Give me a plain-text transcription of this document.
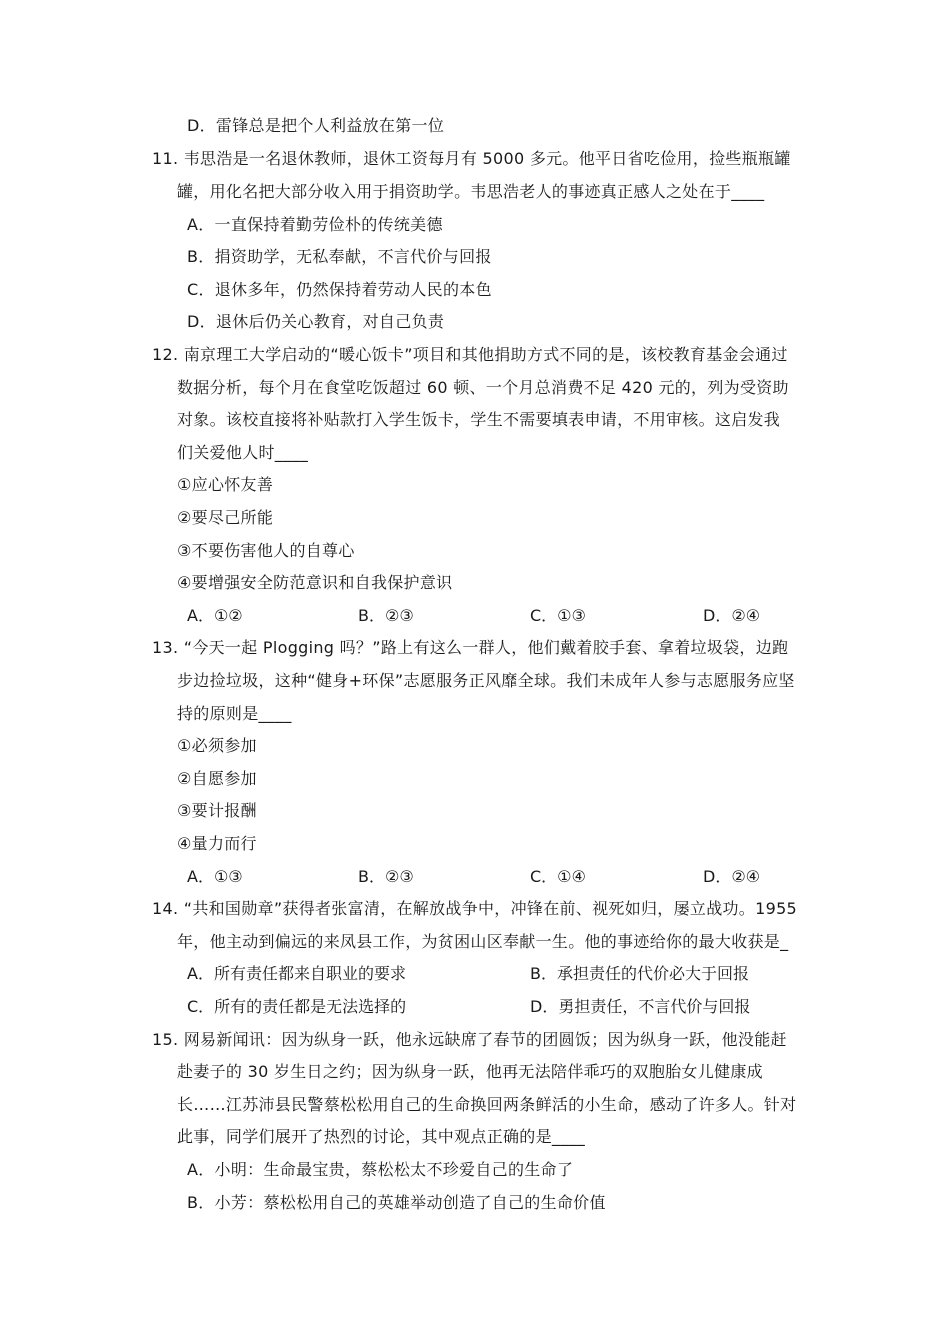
D．雷锋总是把个人利益放在第一位
11. 韦思浩是一名退休教师，退休工资每月有 5000 多元。他平日省吃俭用，捡些瓶瓶罐
罐，用化名把大部分收入用于捐资助学。韦思浩老人的事迹真正感人之处在于____
A．一直保持着勤劳俭朴的传统美德
B．捐资助学，无私奉献，不言代价与回报
C．退休多年，仍然保持着劳动人民的本色
D．退休后仍关心教育，对自己负责
12. 南京理工大学启动的“暖心饭卡”项目和其他捐助方式不同的是，该校教育基金会通过
数据分析，每个月在食堂吃饭超过 60 顿、一个月总消费不足 420 元的，列为受资助
对象。该校直接将补贴款打入学生饭卡，学生不需要填表申请，不用审核。这启发我
们关爱他人时____
①应心怀友善
②要尽己所能
③不要伤害他人的自尊心
④要增强安全防范意识和自我保护意识
A．①②	B．②③	C．①③	D．②④
13. “今天一起 Plogging 吗？”路上有这么一群人，他们戴着胶手套、拿着垃圾袋，边跑
步边捡垃圾，这种“健身+环保”志愿服务正风靡全球。我们未成年人参与志愿服务应坚
持的原则是____
①必须参加
②自愿参加
③要计报酬
④量力而行
A．①③	B．②③	C．①④	D．②④
14. “共和国勋章”获得者张富清，在解放战争中，冲锋在前、视死如归，屡立战功。1955
年，他主动到偏远的来凤县工作，为贫困山区奉献一生。他的事迹给你的最大收获是_
A．所有责任都来自职业的要求	B．承担责任的代价必大于回报
C．所有的责任都是无法选择的	D．勇担责任，不言代价与回报
15. 网易新闻讯：因为纵身一跃，他永远缺席了春节的团圆饭；因为纵身一跃，他没能赶
赴妻子的 30 岁生日之约；因为纵身一跃，他再无法陪伴乖巧的双胞胎女儿健康成
长……江苏沛县民警蔡松松用自己的生命换回两条鲜活的小生命，感动了许多人。针对
此事，同学们展开了热烈的讨论，其中观点正确的是____
A．小明：生命最宝贵，蔡松松太不珍爱自己的生命了
B．小芳：蔡松松用自己的英雄举动创造了自己的生命价值
